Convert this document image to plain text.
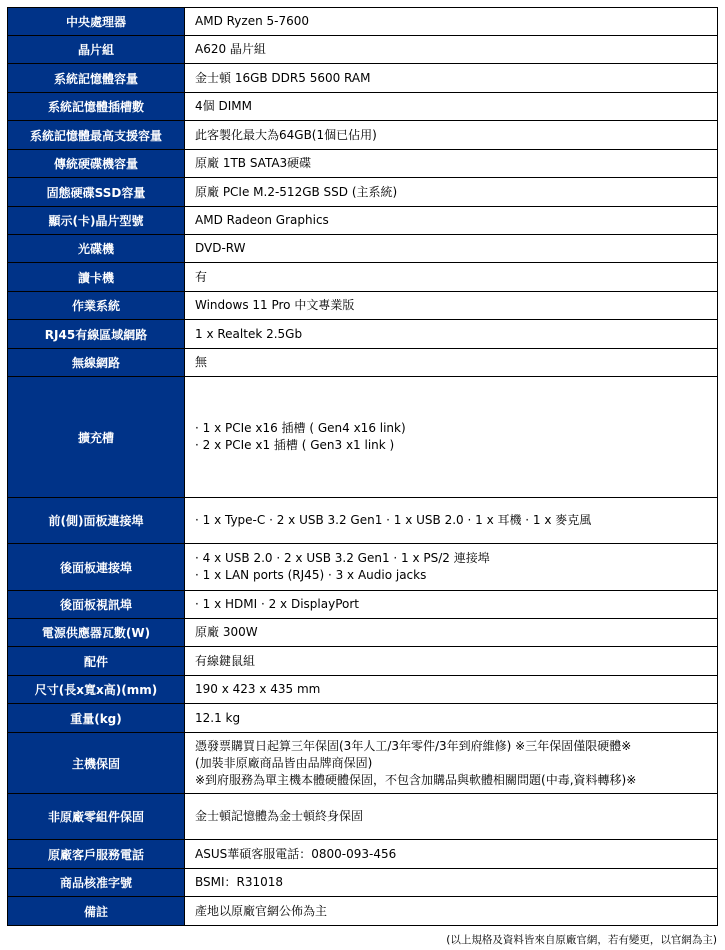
中央處理器	AMD Ryzen 5-7600

晶片組	A620 晶片組

系統記憶體容量	金士頓 16GB DDR5 5600 RAM

系統記憶體插槽數	4個 DIMM

系統記憶體最高支援容量	此客製化最大為64GB(1個已佔用)

傳統硬碟機容量	原廠 1TB SATA3硬碟

固態硬碟SSD容量	原廠 PCIe M.2-512GB SSD (主系統)

顯示(卡)晶片型號	AMD Radeon Graphics

光碟機	DVD-RW

讀卡機	有

作業系統	Windows 11 Pro 中文專業版

RJ45有線區域網路	1 x Realtek 2.5Gb

無線網路	無

擴充槽	· 1 x PCIe x16 插槽 ( Gen4 x16 link)
· 2 x PCIe x1 插槽 ( Gen3 x1 link )

前(側)面板連接埠	· 1 x Type-C · 2 x USB 3.2 Gen1 · 1 x USB 2.0 · 1 x 耳機 · 1 x 麥克風

後面板連接埠	· 4 x USB 2.0 · 2 x USB 3.2 Gen1 · 1 x PS/2 連接埠
· 1 x LAN ports (RJ45) · 3 x Audio jacks

後面板視訊埠	· 1 x HDMI · 2 x DisplayPort

電源供應器瓦數(W)	原廠 300W

配件	有線鍵鼠組

尺寸(長x寬x高)(mm)	190 x 423 x 435 mm

重量(kg)	12.1 kg

主機保固	憑發票購買日起算三年保固(3年人工/3年零件/3年到府維修) ※三年保固僅限硬體※
(加裝非原廠商品皆由品牌商保固)
※到府服務為單主機本體硬體保固，不包含加購品與軟體相關問題(中毒,資料轉移)※

非原廠零組件保固	金士頓記憶體為金士頓終身保固

原廠客戶服務電話	ASUS華碩客服電話：0800-093-456

商品核准字號	BSMI：R31018

備註	產地以原廠官網公佈為主
(以上規格及資料皆來自原廠官網，若有變更，以官網為主)
